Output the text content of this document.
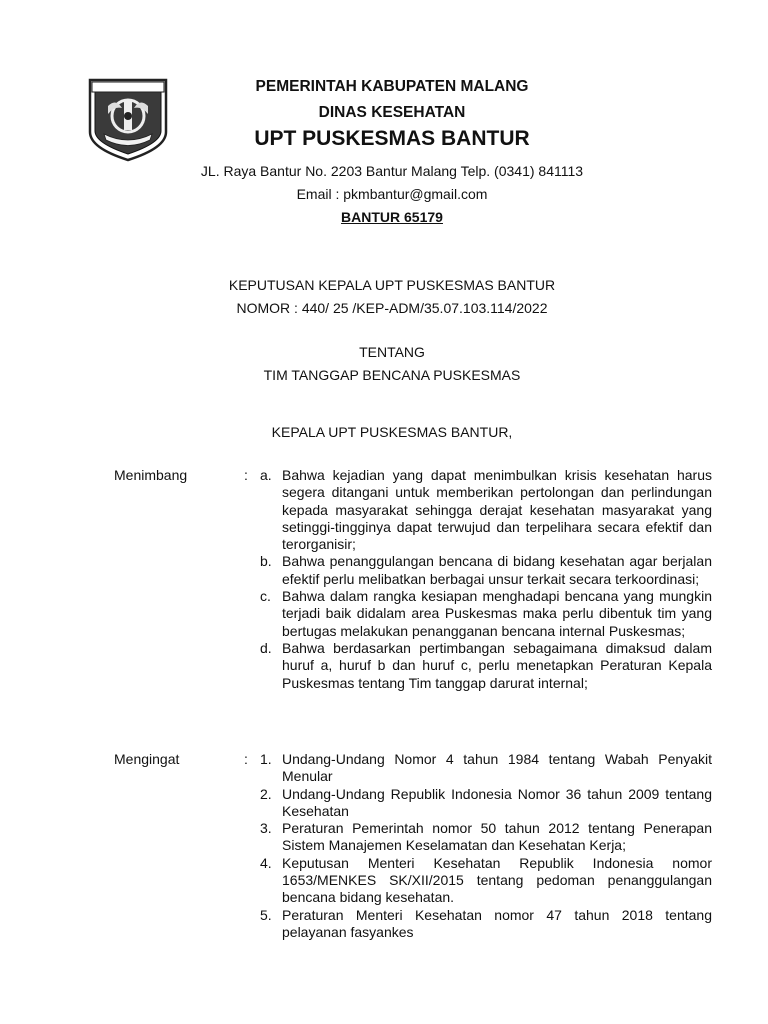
PEMERINTAH KABUPATEN MALANG
DINAS KESEHATAN
UPT PUSKESMAS BANTUR
JL. Raya Bantur No. 2203 Bantur Malang Telp. (0341) 841113
Email : pkmbantur@gmail.com
BANTUR 65179
KEPUTUSAN KEPALA UPT PUSKESMAS BANTUR
NOMOR : 440/ 25 /KEP-ADM/35.07.103.114/2022
TENTANG
TIM TANGGAP BENCANA PUSKESMAS
KEPALA UPT PUSKESMAS BANTUR,
Menimbang	: a. Bahwa kejadian yang dapat menimbulkan krisis kesehatan harus segera ditangani untuk memberikan pertolongan dan perlindungan kepada masyarakat sehingga derajat kesehatan masyarakat yang setinggi-tingginya dapat terwujud dan terpelihara secara efektif dan terorganisir;
b. Bahwa penanggulangan bencana di bidang kesehatan agar berjalan efektif perlu melibatkan berbagai unsur terkait secara terkoordinasi;
c. Bahwa dalam rangka kesiapan menghadapi bencana yang mungkin terjadi baik didalam area Puskesmas maka perlu dibentuk tim yang bertugas melakukan penangganan bencana internal Puskesmas;
d. Bahwa berdasarkan pertimbangan sebagaimana dimaksud dalam huruf a, huruf b dan huruf c, perlu menetapkan Peraturan Kepala Puskesmas tentang Tim tanggap darurat internal;
Mengingat	: 1. Undang-Undang Nomor 4 tahun 1984 tentang Wabah Penyakit Menular
2. Undang-Undang Republik Indonesia Nomor 36 tahun 2009 tentang Kesehatan
3. Peraturan Pemerintah nomor 50 tahun 2012 tentang Penerapan Sistem Manajemen Keselamatan dan Kesehatan Kerja;
4. Keputusan Menteri Kesehatan Republik Indonesia nomor 1653/MENKES SK/XII/2015 tentang pedoman penanggulangan bencana bidang kesehatan.
5. Peraturan Menteri Kesehatan nomor 47 tahun 2018 tentang pelayanan fasyankes
